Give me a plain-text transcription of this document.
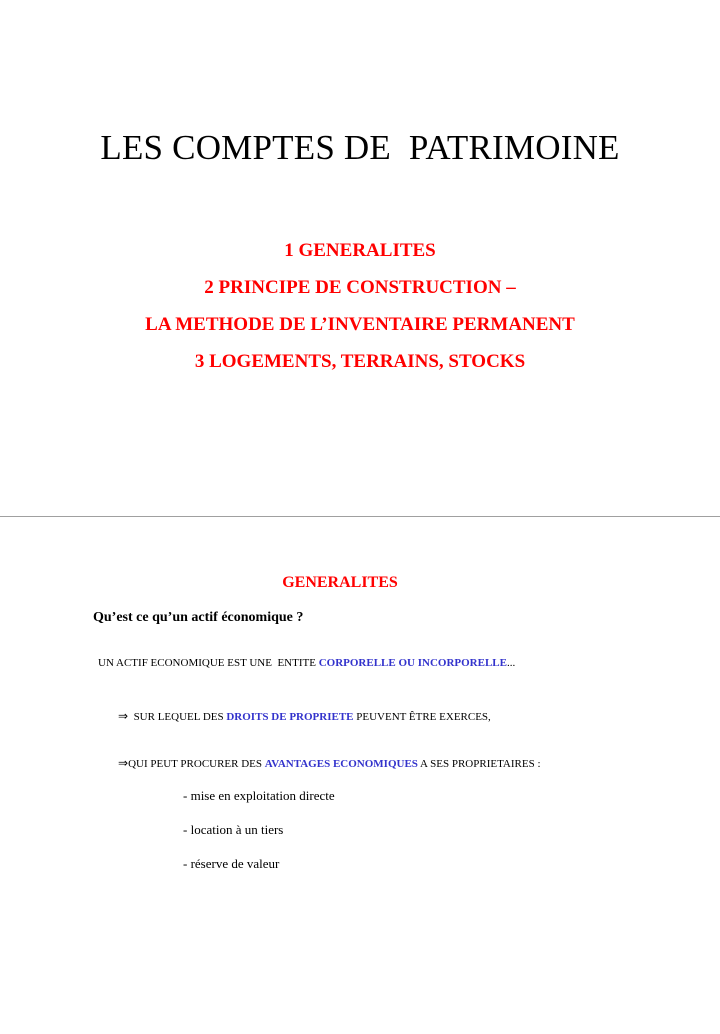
LES COMPTES DE  PATRIMOINE
1 GENERALITES
2 PRINCIPE DE CONSTRUCTION –
LA METHODE DE L’INVENTAIRE PERMANENT
3 LOGEMENTS, TERRAINS, STOCKS
GENERALITES
Qu’est ce qu’un actif économique ?
UN ACTIF ECONOMIQUE EST UNE  ENTITE CORPORELLE OU INCORPORELLE...
⇒  SUR LEQUEL DES DROITS DE PROPRIETE PEUVENT ÊTRE EXERCES,
⇒QUI PEUT PROCURER DES AVANTAGES ECONOMIQUES A SES PROPRIETAIRES :
- mise en exploitation directe
- location à un tiers
- réserve de valeur
